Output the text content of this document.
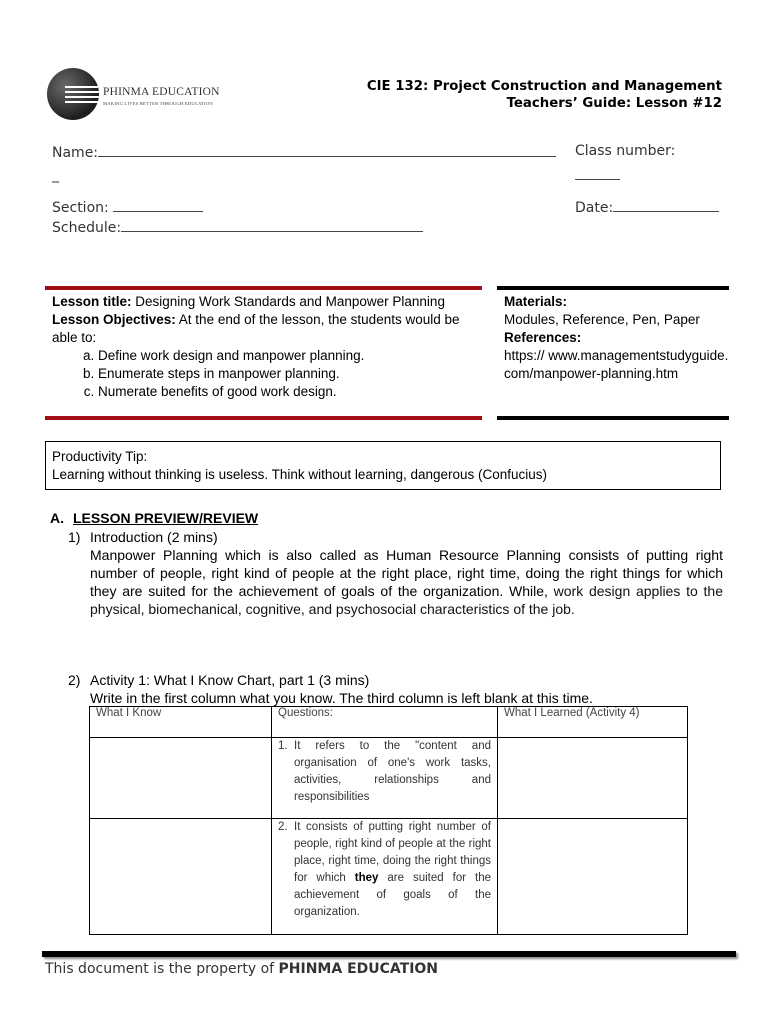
PHINMA EDUCATION
MAKING LIVES BETTER THROUGH EDUCATION
CIE 132: Project Construction and Management
Teachers’ Guide: Lesson #12
Name:
_
Class number:
Section:	Date:
Schedule:
Lesson title: Designing Work Standards and Manpower Planning
Lesson Objectives: At the end of the lesson, the students would be able to:
a. Define work design and manpower planning.
b. Enumerate steps in manpower planning.
c. Numerate benefits of good work design.
Materials:
Modules, Reference, Pen, Paper
References:
https:// www.managementstudyguide.com/manpower-planning.htm
Productivity Tip:
Learning without thinking is useless. Think without learning, dangerous (Confucius)
A. LESSON PREVIEW/REVIEW
1) Introduction (2 mins)
Manpower Planning which is also called as Human Resource Planning consists of putting right number of people, right kind of people at the right place, right time, doing the right things for which they are suited for the achievement of goals of the organization. While, work design applies to the physical, biomechanical, cognitive, and psychosocial characteristics of the job.
2) Activity 1: What I Know Chart, part 1 (3 mins)
Write in the first column what you know. The third column is left blank at this time.
What I Know	Questions:	What I Learned (Activity 4)

	1. It refers to the "content and organisation of one's work tasks, activities, relationships and responsibilities	

	2. It consists of putting right number of people, right kind of people at the right place, right time, doing the right things for which they are suited for the achievement of goals of the organization.	

This document is the property of PHINMA EDUCATION
